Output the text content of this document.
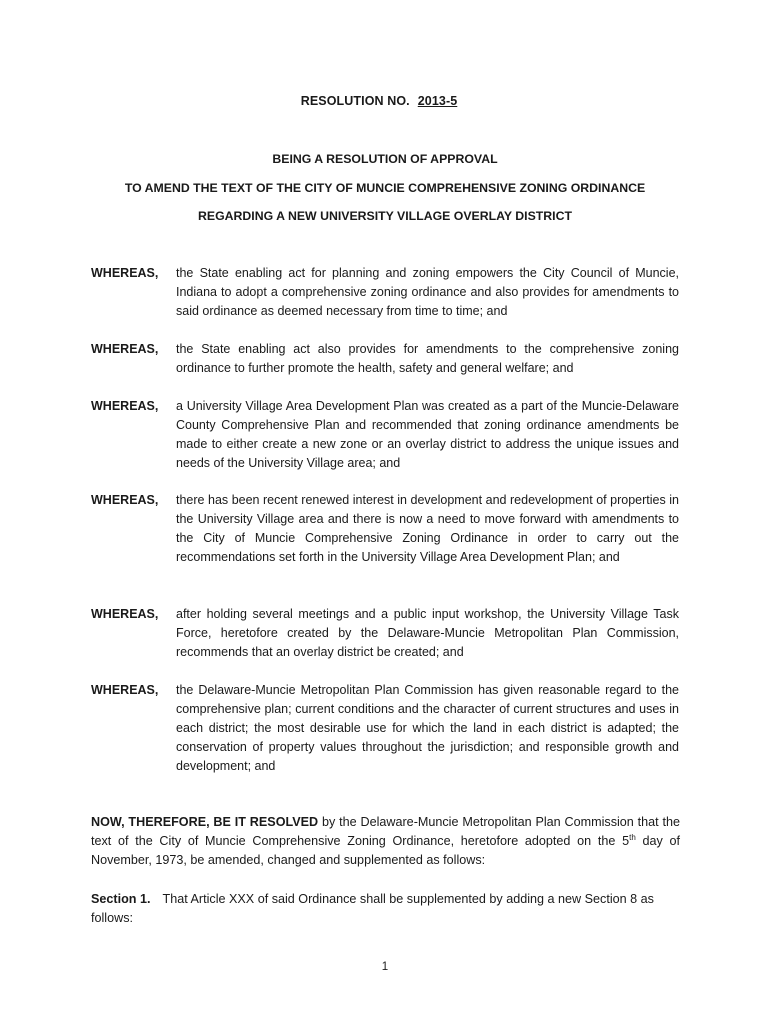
RESOLUTION NO. 2013-5
BEING A RESOLUTION OF APPROVAL
TO AMEND THE TEXT OF THE CITY OF MUNCIE COMPREHENSIVE ZONING ORDINANCE
REGARDING A NEW UNIVERSITY VILLAGE OVERLAY DISTRICT
WHEREAS,	the State enabling act for planning and zoning empowers the City Council of Muncie, Indiana to adopt a comprehensive zoning ordinance and also provides for amendments to said ordinance as deemed necessary from time to time; and
WHEREAS,	the State enabling act also provides for amendments to the comprehensive zoning ordinance to further promote the health, safety and general welfare; and
WHEREAS,	a University Village Area Development Plan was created as a part of the Muncie-Delaware County Comprehensive Plan and recommended that zoning ordinance amendments be made to either create a new zone or an overlay district to address the unique issues and needs of the University Village area; and
WHEREAS,	there has been recent renewed interest in development and redevelopment of properties in the University Village area and there is now a need to move forward with amendments to the City of Muncie Comprehensive Zoning Ordinance in order to carry out the recommendations set forth in the University Village Area Development Plan; and
WHEREAS,	after holding several meetings and a public input workshop, the University Village Task Force, heretofore created by the Delaware-Muncie Metropolitan Plan Commission, recommends that an overlay district be created; and
WHEREAS,	the Delaware-Muncie Metropolitan Plan Commission has given reasonable regard to the comprehensive plan; current conditions and the character of current structures and uses in each district; the most desirable use for which the land in each district is adapted; the conservation of property values throughout the jurisdiction; and responsible growth and development; and
NOW, THEREFORE, BE IT RESOLVED by the Delaware-Muncie Metropolitan Plan Commission that the text of the City of Muncie Comprehensive Zoning Ordinance, heretofore adopted on the 5th day of November, 1973, be amended, changed and supplemented as follows:
Section 1. That Article XXX of said Ordinance shall be supplemented by adding a new Section 8 as follows:
1
